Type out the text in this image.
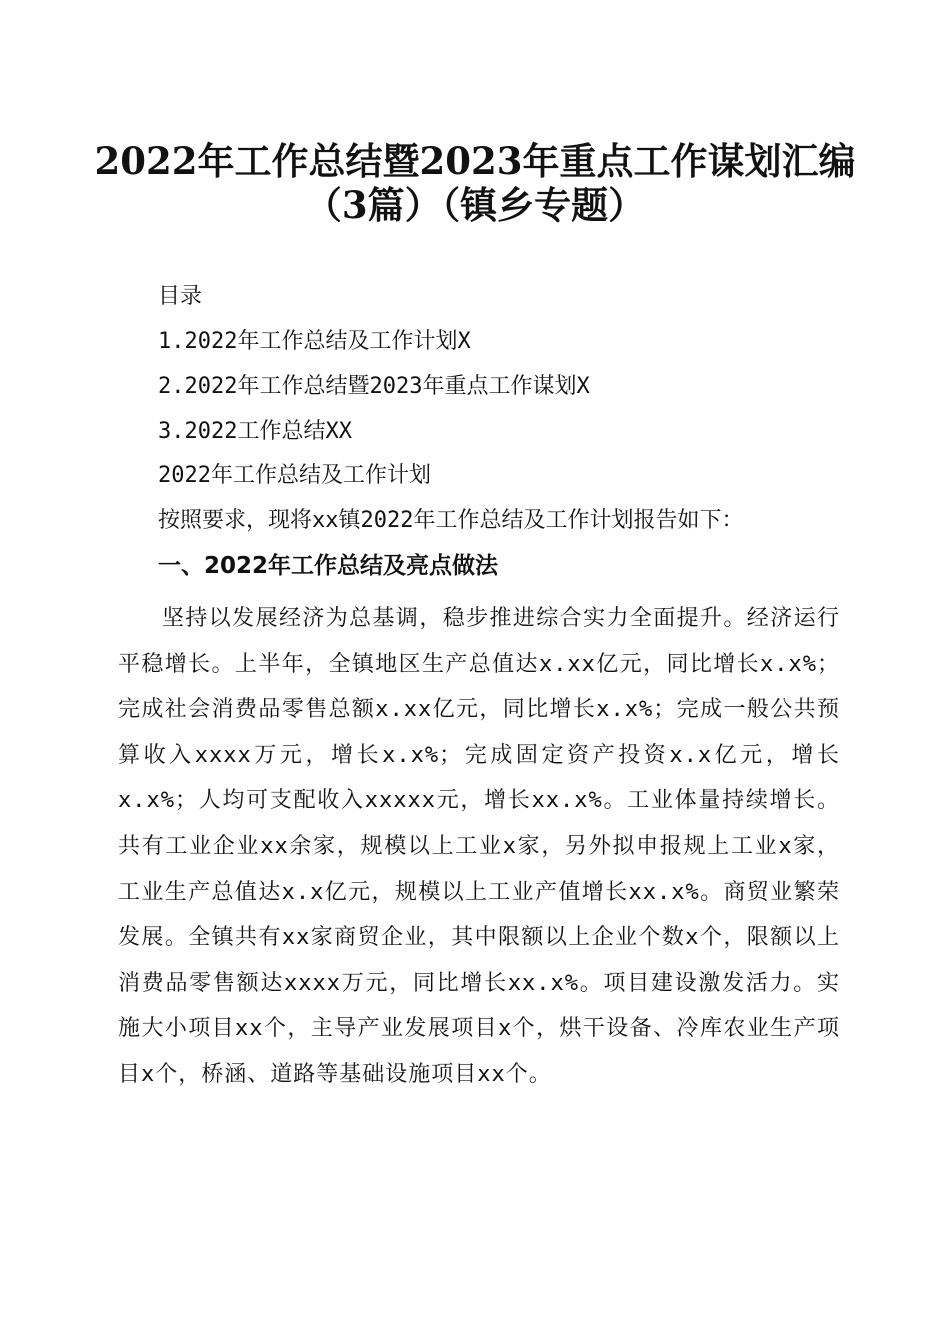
2022年工作总结暨2023年重点工作谋划汇编
（3篇）（镇乡专题）
目录
1.2022年工作总结及工作计划X
2.2022年工作总结暨2023年重点工作谋划X
3.2022工作总结XX
2022年工作总结及工作计划
按照要求，现将xx镇2022年工作总结及工作计划报告如下：
一、2022年工作总结及亮点做法
坚持以发展经济为总基调，稳步推进综合实力全面提升。经济运行平稳增长。上半年，全镇地区生产总值达x.xx亿元，同比增长x.x%；完成社会消费品零售总额x.xx亿元，同比增长x.x%；完成一般公共预算收入xxxx万元，增长x.x%；完成固定资产投资x.x亿元，增长x.x%；人均可支配收入xxxxx元，增长xx.x%。工业体量持续增长。共有工业企业xx余家，规模以上工业x家，另外拟申报规上工业x家，工业生产总值达x.x亿元，规模以上工业产值增长xx.x%。商贸业繁荣发展。全镇共有xx家商贸企业，其中限额以上企业个数x个，限额以上消费品零售额达xxxx万元，同比增长xx.x%。项目建设激发活力。实施大小项目xx个，主导产业发展项目x个，烘干设备、冷库农业生产项目x个，桥涵、道路等基础设施项目xx个。
